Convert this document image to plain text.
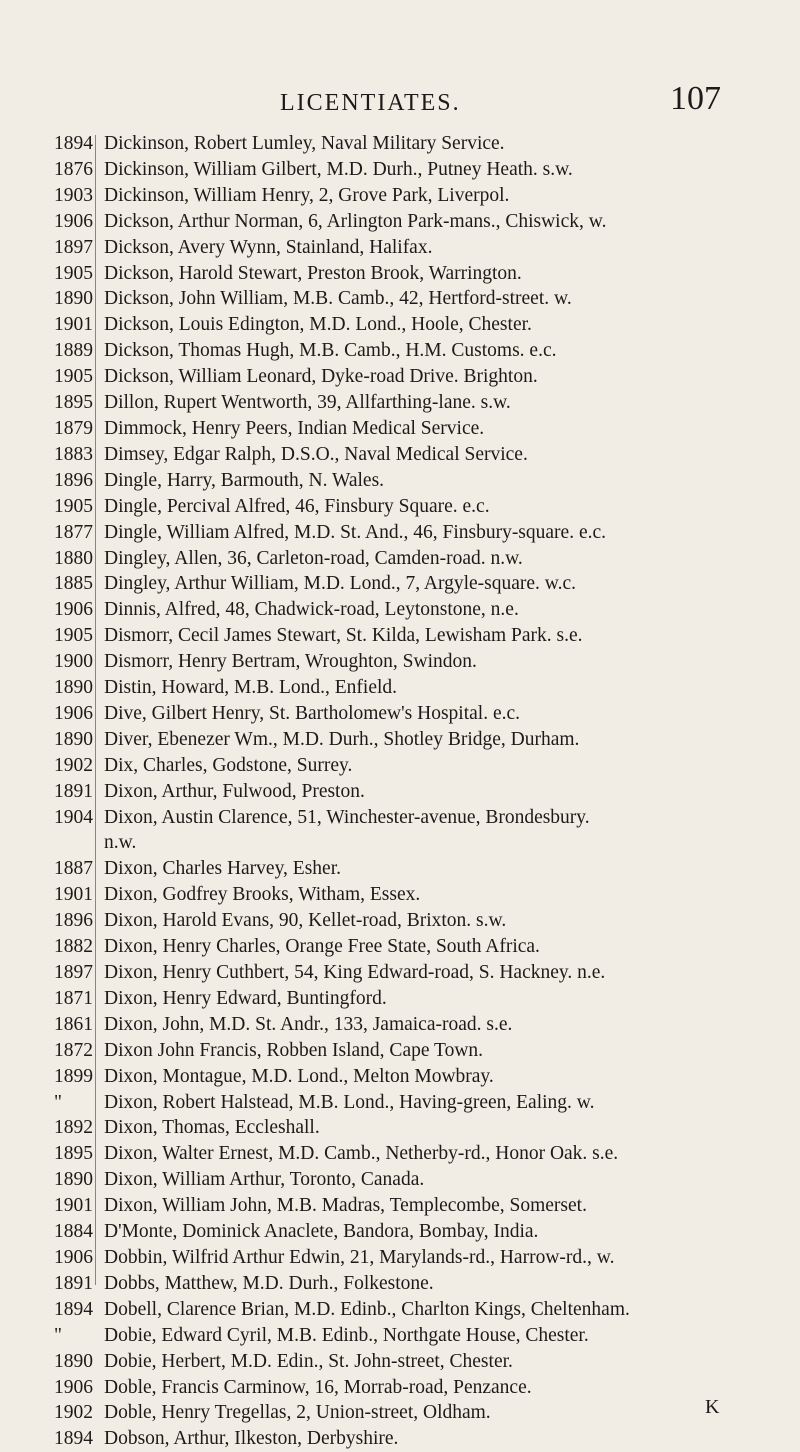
LICENTIATES.	107
1894 Dickinson, Robert Lumley, Naval Military Service.
1876 Dickinson, William Gilbert, M.D. Durh., Putney Heath. s.w.
1903 Dickinson, William Henry, 2, Grove Park, Liverpol.
1906 Dickson, Arthur Norman, 6, Arlington Park-mans., Chiswick, w.
1897 Dickson, Avery Wynn, Stainland, Halifax.
1905 Dickson, Harold Stewart, Preston Brook, Warrington.
1890 Dickson, John William, M.B. Camb., 42, Hertford-street. w.
1901 Dickson, Louis Edington, M.D. Lond., Hoole, Chester.
1889 Dickson, Thomas Hugh, M.B. Camb., H.M. Customs. e.c.
1905 Dickson, William Leonard, Dyke-road Drive. Brighton.
1895 Dillon, Rupert Wentworth, 39, Allfarthing-lane. s.w.
1879 Dimmock, Henry Peers, Indian Medical Service.
1883 Dimsey, Edgar Ralph, D.S.O., Naval Medical Service.
1896 Dingle, Harry, Barmouth, N. Wales.
1905 Dingle, Percival Alfred, 46, Finsbury Square. e.c.
1877 Dingle, William Alfred, M.D. St. And., 46, Finsbury-square. e.c.
1880 Dingley, Allen, 36, Carleton-road, Camden-road. n.w.
1885 Dingley, Arthur William, M.D. Lond., 7, Argyle-square. w.c.
1906 Dinnis, Alfred, 48, Chadwick-road, Leytonstone, n.e.
1905 Dismorr, Cecil James Stewart, St. Kilda, Lewisham Park. s.e.
1900 Dismorr, Henry Bertram, Wroughton, Swindon.
1890 Distin, Howard, M.B. Lond., Enfield.
1906 Dive, Gilbert Henry, St. Bartholomew's Hospital. e.c.
1890 Diver, Ebenezer Wm., M.D. Durh., Shotley Bridge, Durham.
1902 Dix, Charles, Godstone, Surrey.
1891 Dixon, Arthur, Fulwood, Preston.
1904 Dixon, Austin Clarence, 51, Winchester-avenue, Brondesbury.
n.w.
1887 Dixon, Charles Harvey, Esher.
1901 Dixon, Godfrey Brooks, Witham, Essex.
1896 Dixon, Harold Evans, 90, Kellet-road, Brixton. s.w.
1882 Dixon, Henry Charles, Orange Free State, South Africa.
1897 Dixon, Henry Cuthbert, 54, King Edward-road, S. Hackney. n.e.
1871 Dixon, Henry Edward, Buntingford.
1861 Dixon, John, M.D. St. Andr., 133, Jamaica-road. s.e.
1872 Dixon John Francis, Robben Island, Cape Town.
1899 Dixon, Montague, M.D. Lond., Melton Mowbray.
"	Dixon, Robert Halstead, M.B. Lond., Having-green, Ealing. w.
1892 Dixon, Thomas, Eccleshall.
1895 Dixon, Walter Ernest, M.D. Camb., Netherby-rd., Honor Oak. s.e.
1890 Dixon, William Arthur, Toronto, Canada.
1901 Dixon, William John, M.B. Madras, Templecombe, Somerset.
1884 D'Monte, Dominick Anaclete, Bandora, Bombay, India.
1906 Dobbin, Wilfrid Arthur Edwin, 21, Marylands-rd., Harrow-rd., w.
1891 Dobbs, Matthew, M.D. Durh., Folkestone.
1894 Dobell, Clarence Brian, M.D. Edinb., Charlton Kings, Cheltenham.
"	Dobie, Edward Cyril, M.B. Edinb., Northgate House, Chester.
1890 Dobie, Herbert, M.D. Edin., St. John-street, Chester.
1906 Doble, Francis Carminow, 16, Morrab-road, Penzance.
1902 Doble, Henry Tregellas, 2, Union-street, Oldham.
1894 Dobson, Arthur, Ilkeston, Derbyshire.
K
